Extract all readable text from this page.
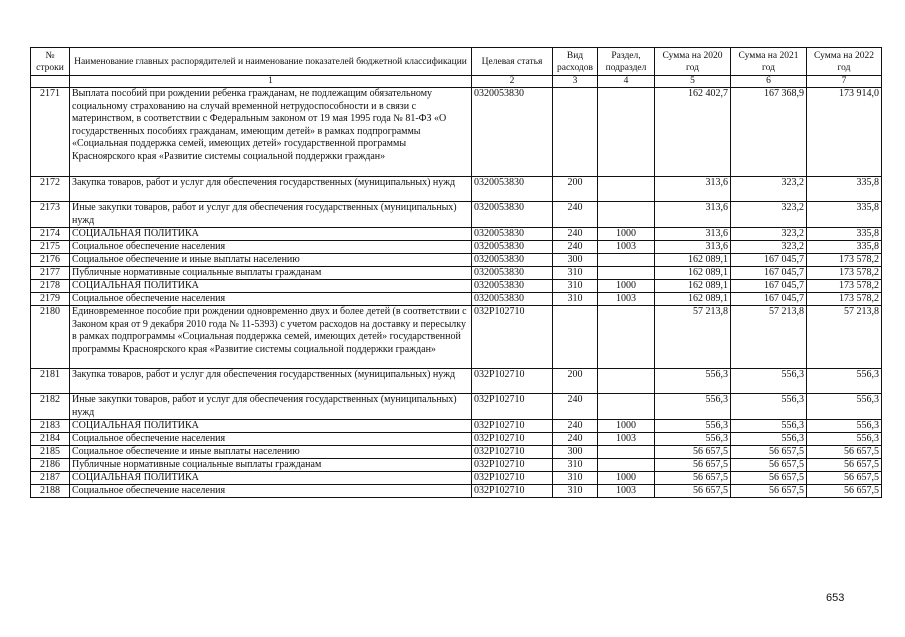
№ строки	Наименование главных распорядителей и наименование показателей бюджетной классификации	Целевая статья	Вид расходов	Раздел, подраздел	Сумма на 2020 год	Сумма на 2021 год	Сумма на 2022 год
	1	2	3	4	5	6	7
2171	Выплата пособий при рождении ребенка гражданам, не подлежащим обязательному социальному страхованию на случай временной нетрудоспособности и в связи с материнством, в соответствии с Федеральным законом от 19 мая 1995 года № 81-ФЗ «О государственных пособиях гражданам, имеющим детей» в рамках подпрограммы «Социальная поддержка семей, имеющих детей» государственной программы Красноярского края «Развитие системы социальной поддержки граждан»	0320053830			162 402,7	167 368,9	173 914,0
2172	Закупка товаров, работ и услуг для обеспечения государственных (муниципальных) нужд	0320053830	200		313,6	323,2	335,8
2173	Иные закупки товаров, работ и услуг для обеспечения государственных (муниципальных) нужд	0320053830	240		313,6	323,2	335,8
2174	СОЦИАЛЬНАЯ ПОЛИТИКА	0320053830	240	1000	313,6	323,2	335,8
2175	Социальное обеспечение населения	0320053830	240	1003	313,6	323,2	335,8
2176	Социальное обеспечение и иные выплаты населению	0320053830	300		162 089,1	167 045,7	173 578,2
2177	Публичные нормативные социальные выплаты гражданам	0320053830	310		162 089,1	167 045,7	173 578,2
2178	СОЦИАЛЬНАЯ ПОЛИТИКА	0320053830	310	1000	162 089,1	167 045,7	173 578,2
2179	Социальное обеспечение населения	0320053830	310	1003	162 089,1	167 045,7	173 578,2
2180	Единовременное пособие при рождении одновременно двух и более детей (в соответствии с Законом края от 9 декабря 2010 года № 11-5393) с учетом расходов на доставку и пересылку в рамках подпрограммы «Социальная поддержка семей, имеющих детей» государственной программы Красноярского края «Развитие системы социальной поддержки граждан»	032P102710			57 213,8	57 213,8	57 213,8
2181	Закупка товаров, работ и услуг для обеспечения государственных (муниципальных) нужд	032P102710	200		556,3	556,3	556,3
2182	Иные закупки товаров, работ и услуг для обеспечения государственных (муниципальных) нужд	032P102710	240		556,3	556,3	556,3
2183	СОЦИАЛЬНАЯ ПОЛИТИКА	032P102710	240	1000	556,3	556,3	556,3
2184	Социальное обеспечение населения	032P102710	240	1003	556,3	556,3	556,3
2185	Социальное обеспечение и иные выплаты населению	032P102710	300		56 657,5	56 657,5	56 657,5
2186	Публичные нормативные социальные выплаты гражданам	032P102710	310		56 657,5	56 657,5	56 657,5
2187	СОЦИАЛЬНАЯ ПОЛИТИКА	032P102710	310	1000	56 657,5	56 657,5	56 657,5
2188	Социальное обеспечение населения	032P102710	310	1003	56 657,5	56 657,5	56 657,5
653
